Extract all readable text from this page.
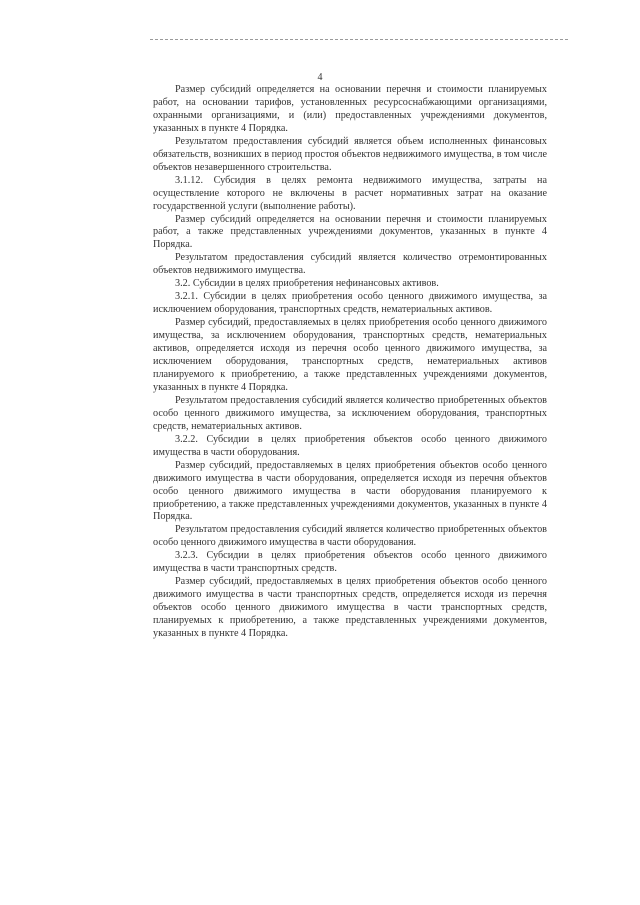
4

Размер субсидий определяется на основании перечня и стоимости планируемых работ, на основании тарифов, установленных ресурсоснабжающими организациями, охранными организациями, и (или) предоставленных учреждениями документов, указанных в пункте 4 Порядка.

Результатом предоставления субсидий является объем исполненных финансовых обязательств, возникших в период простоя объектов недвижимого имущества, в том числе объектов незавершенного строительства.

3.1.12. Субсидия в целях ремонта недвижимого имущества, затраты на осуществление которого не включены в расчет нормативных затрат на оказание государственной услуги (выполнение работы).

Размер субсидий определяется на основании перечня и стоимости планируемых работ, а также представленных учреждениями документов, указанных в пункте 4 Порядка.

Результатом предоставления субсидий является количество отремонтированных объектов недвижимого имущества.

3.2. Субсидии в целях приобретения нефинансовых активов.

3.2.1. Субсидии в целях приобретения особо ценного движимого имущества, за исключением оборудования, транспортных средств, нематериальных активов.

Размер субсидий, предоставляемых в целях приобретения особо ценного движимого имущества, за исключением оборудования, транспортных средств, нематериальных активов, определяется исходя из перечня особо ценного движимого имущества, за исключением оборудования, транспортных средств, нематериальных активов планируемого к приобретению, а также представленных учреждениями документов, указанных в пункте 4 Порядка.

Результатом предоставления субсидий является количество приобретенных объектов особо ценного движимого имущества, за исключением оборудования, транспортных средств, нематериальных активов.

3.2.2. Субсидии в целях приобретения объектов особо ценного движимого имущества в части оборудования.

Размер субсидий, предоставляемых в целях приобретения объектов особо ценного движимого имущества в части оборудования, определяется исходя из перечня объектов особо ценного движимого имущества в части оборудования планируемого к приобретению, а также представленных учреждениями документов, указанных в пункте 4 Порядка.

Результатом предоставления субсидий является количество приобретенных объектов особо ценного движимого имущества в части оборудования.

3.2.3. Субсидии в целях приобретения объектов особо ценного движимого имущества в части транспортных средств.

Размер субсидий, предоставляемых в целях приобретения объектов особо ценного движимого имущества в части транспортных средств, определяется исходя из перечня объектов особо ценного движимого имущества в части транспортных средств, планируемых к приобретению, а также представленных учреждениями документов, указанных в пункте 4 Порядка.
